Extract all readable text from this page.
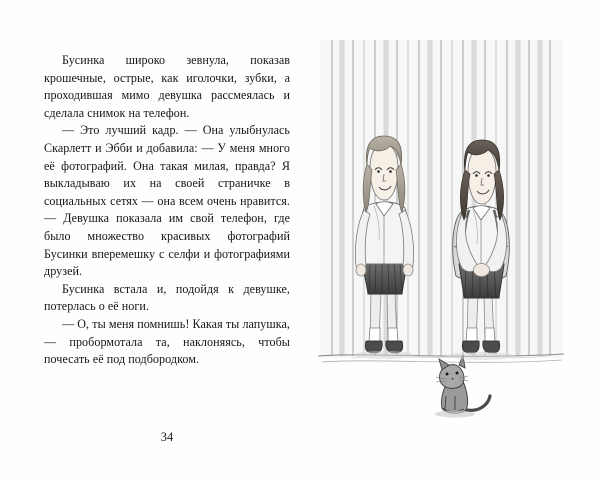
Бусинка широко зевнула, показав крошечные, острые, как иголочки, зубки, а проходившая мимо девушка рассмеялась и сделала снимок на телефон.

— Это лучший кадр. — Она улыбнулась Скарлетт и Эбби и добавила: — У меня много её фотографий. Она такая милая, правда? Я выкладываю их на своей страничке в социальных сетях — она всем очень нравится. — Девушка показала им свой телефон, где было множество красивых фотографий Бусинки вперемешку с селфи и фотографиями друзей.

Бусинка встала и, подойдя к девушке, потерлась о её ноги.

— О, ты меня помнишь! Какая ты лапушка, — пробормотала та, наклоняясь, чтобы почесать её под подбородком.

34
